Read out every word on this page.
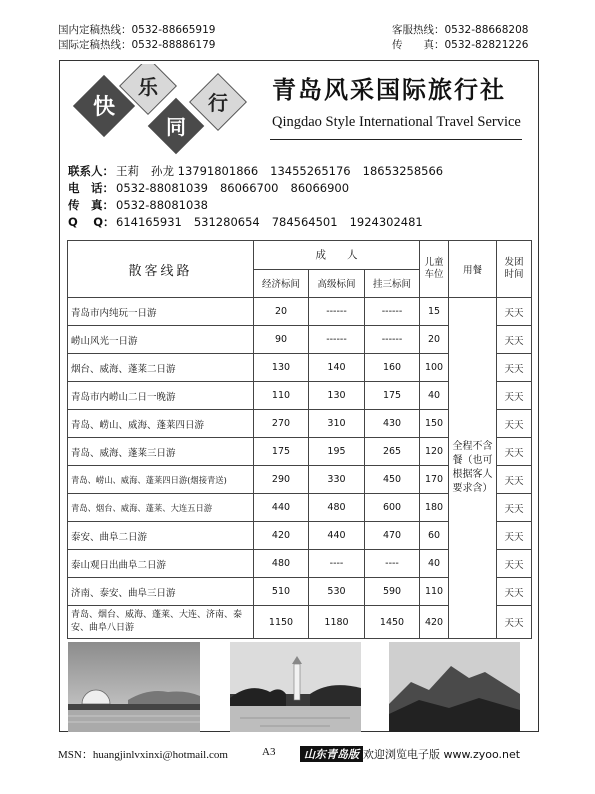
国内定稿热线：0532-88665919
国际定稿热线：0532-88886179
客服热线：0532-88668208
传　　真：0532-82821226
快
乐
同
行 青岛风采国际旅行社
Qingdao Style International Travel Service
联系人： 王莉 孙龙 13791801866 13455265176 18653258566
电　话： 0532-88081039 86066700 86066900
传　真： 0532-88081038
Q　 Q：614165931 531280654 784564501 1924302481
散客线路	成　　人			儿童车位	用餐	发团时间
	经济标间	高级标间	挂三标间			
青岛市内纯玩一日游	20	------	------	15	全程不含餐（也可根据客人要求含）	天天
崂山风光一日游	90	------	------	20		天天
烟台、威海、蓬莱二日游	130	140	160	100		天天
青岛市内崂山二日一晚游	110	130	175	40		天天
青岛、崂山、威海、蓬莱四日游	270	310	430	150		天天
青岛、威海、蓬莱三日游	175	195	265	120		天天
青岛、崂山、威海、蓬莱四日游(烟接青送)	290	330	450	170		天天
青岛、烟台、威海、蓬莱、大连五日游	440	480	600	180		天天
泰安、曲阜二日游	420	440	470	60		天天
泰山观日出曲阜二日游	480	----	----	40		天天
济南、泰安、曲阜三日游	510	530	590	110		天天
青岛、烟台、威海、蓬莱、大连、济南、泰安、曲阜八日游	1150	1180	1450	420		天天
MSN：huangjinlvxinxi@hotmail.com	A3	山东青岛版 欢迎浏览电子版 www.zyoo.net
